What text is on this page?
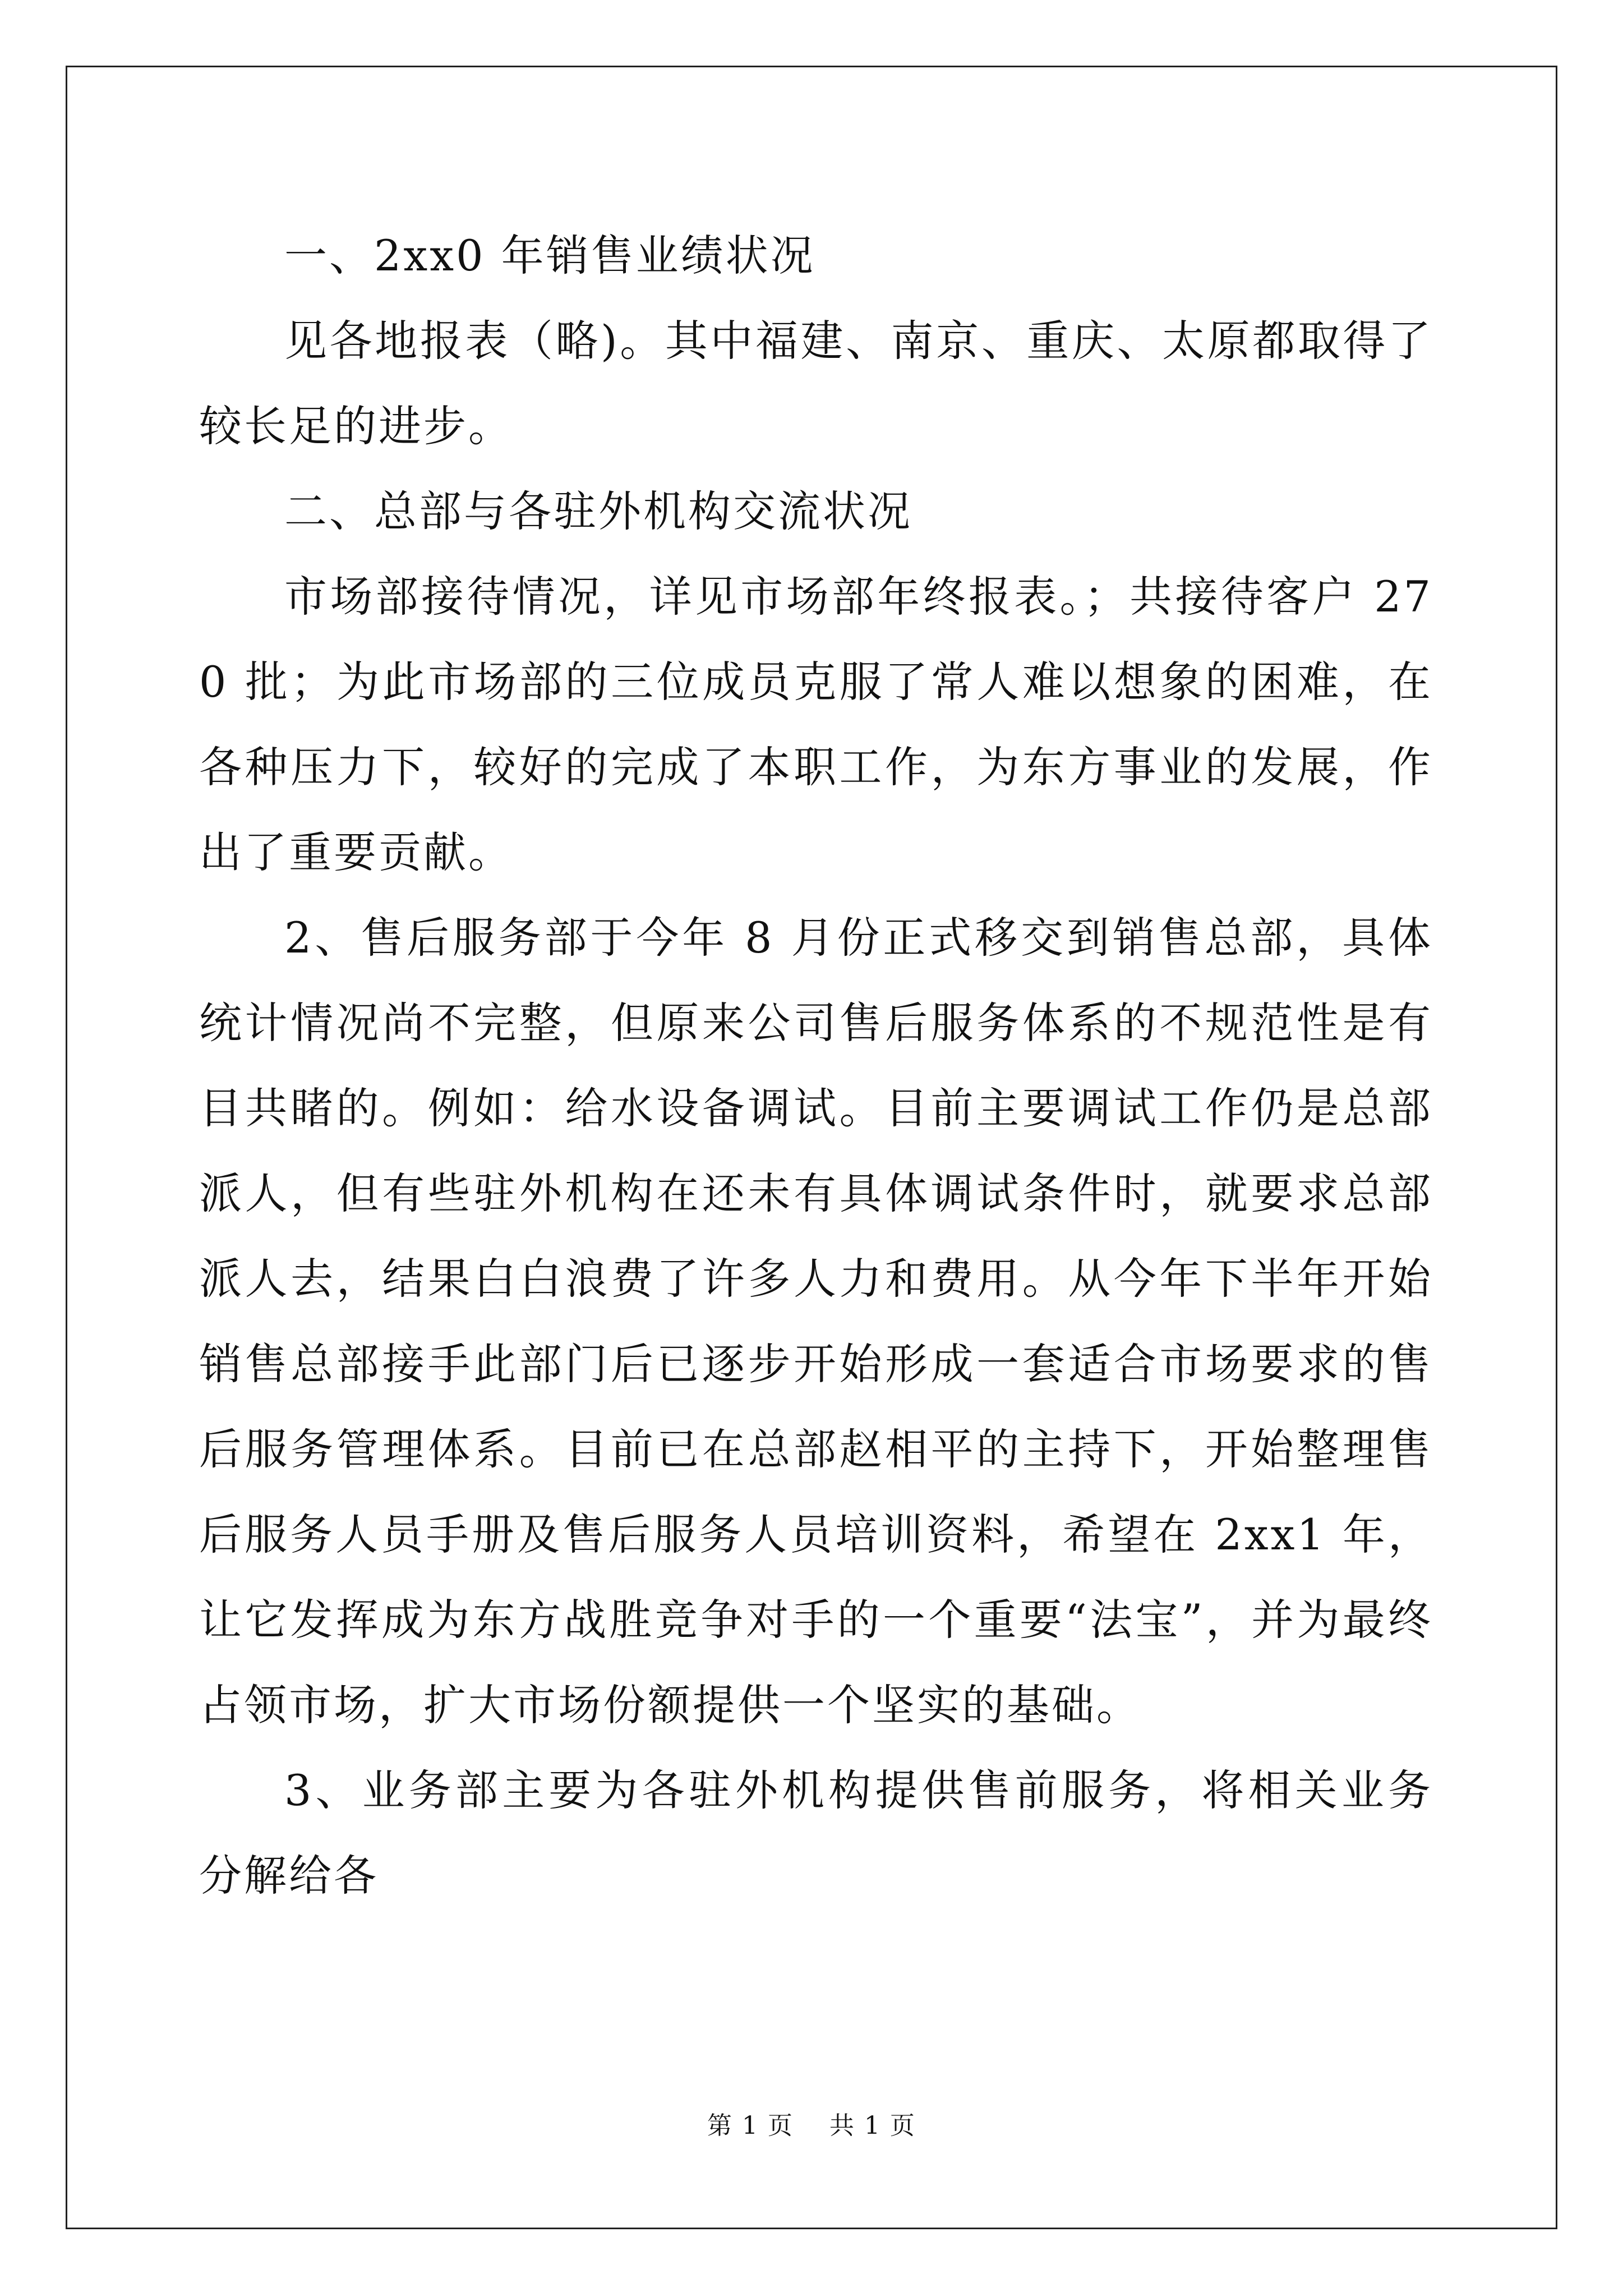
一、2xx0 年销售业绩状况

见各地报表（略)。其中福建、南京、重庆、太原都取得了较长足的进步。

二、总部与各驻外机构交流状况

市场部接待情况，详见市场部年终报表。；共接待客户 270 批；为此市场部的三位成员克服了常人难以想象的困难，在各种压力下，较好的完成了本职工作，为东方事业的发展，作出了重要贡献。

2、售后服务部于今年 8 月份正式移交到销售总部，具体统计情况尚不完整，但原来公司售后服务体系的不规范性是有目共睹的。例如：给水设备调试。目前主要调试工作仍是总部派人，但有些驻外机构在还未有具体调试条件时，就要求总部派人去，结果白白浪费了许多人力和费用。从今年下半年开始销售总部接手此部门后已逐步开始形成一套适合市场要求的售后服务管理体系。目前已在总部赵相平的主持下，开始整理售后服务人员手册及售后服务人员培训资料，希望在 2xx1 年，让它发挥成为东方战胜竞争对手的一个重要“法宝”，并为最终占领市场，扩大市场份额提供一个坚实的基础。

3、业务部主要为各驻外机构提供售前服务，将相关业务分解给各

第 1 页    共 1 页
